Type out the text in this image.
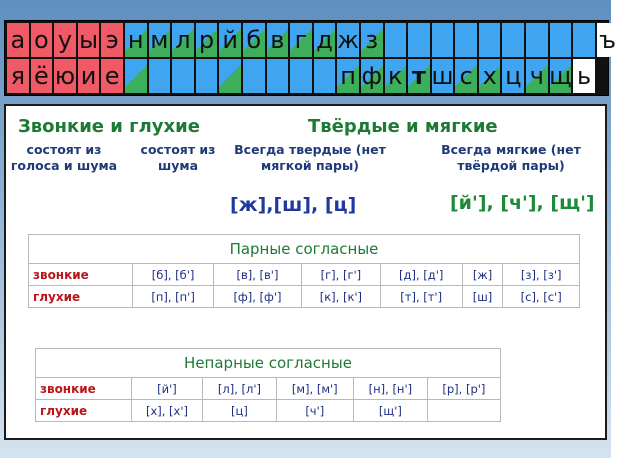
а о у ы э н м л р й б в г д ж з	ъ
я ё ю и е	п ф к т ш с х ц ч щ ь
Звонкие и глухие	Твёрдые и мягкие
состоят из голоса и шума
состоят из шума
Всегда твердые (нет мягкой пары)
Всегда мягкие (нет твёрдой пары)
[ж],[ш], [ц]	[й'], [ч'], [щ']
Парные согласные						
звонкие	[б], [б']	[в], [в']	[г], [г']	[д], [д']	[ж]	[з], [з']
глухие	[п], [п']	[ф], [ф']	[к], [к']	[т], [т']	[ш]	[с], [с']
Непарные согласные					
звонкие	[й']	[л], [л']	[м], [м']	[н], [н']	[р], [р']
глухие	[х], [х']	[ц]	[ч']	[щ']	
